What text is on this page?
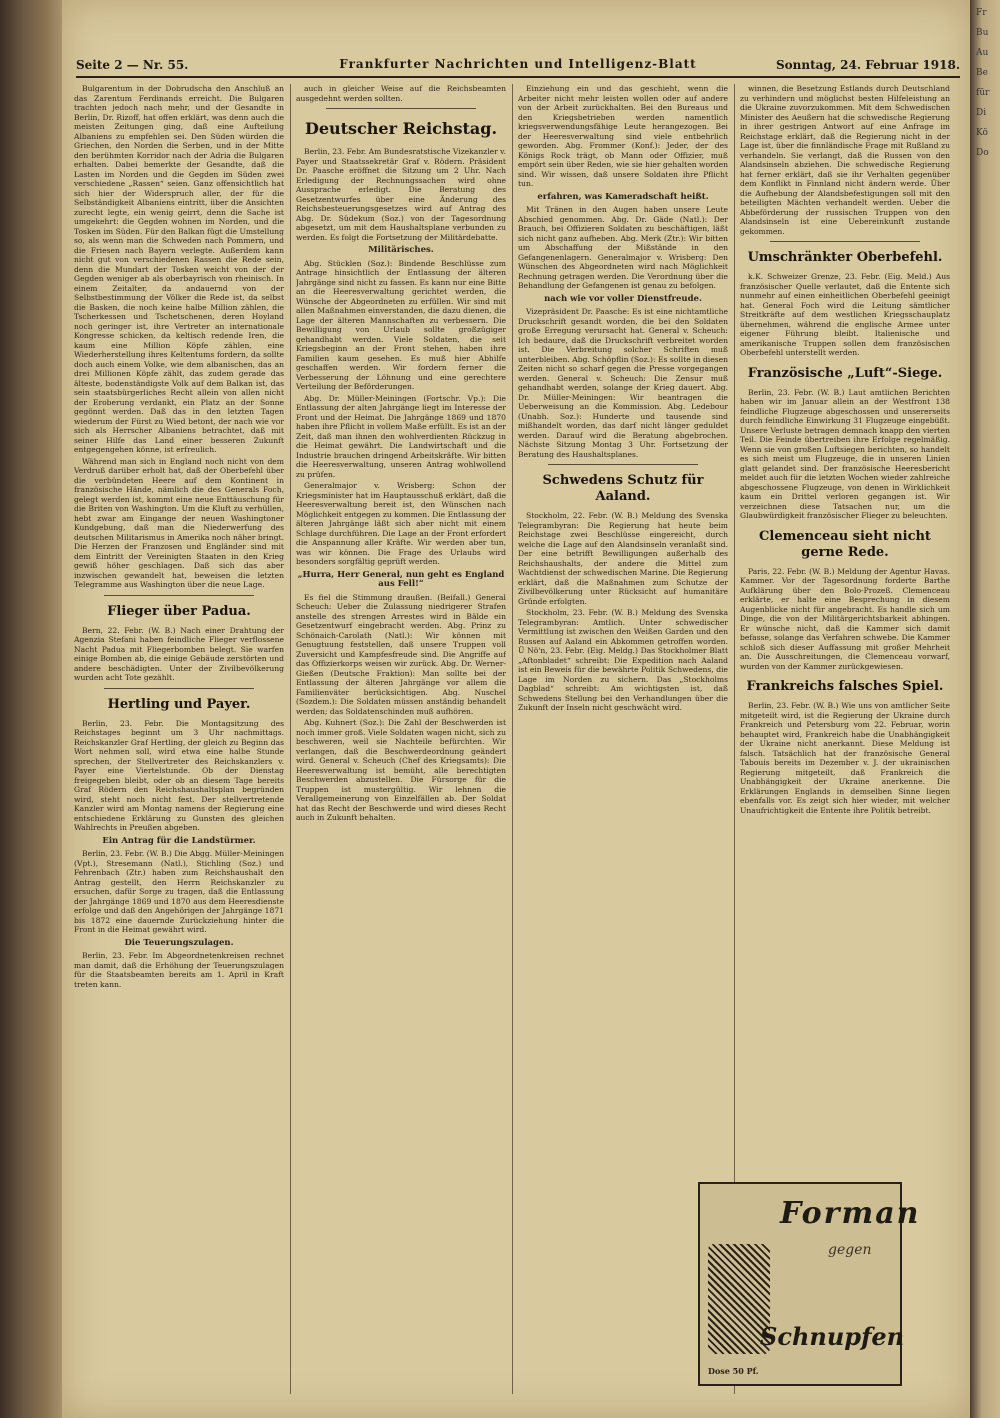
Seite 2 — Nr. 55.	Frankfurter Nachrichten und Intelligenz-Blatt	Sonntag, 24. Februar 1918.

Bulgarentum in der Dobrudscha den Anschluß an das Zarentum Ferdinands erreicht. Die Bulgaren trachten jedoch nach mehr, und der Gesandte in Berlin, Dr. Rizoff, hat offen erklärt, was denn auch die meisten Zeitungen ging, daß eine Aufteilung Albaniens zu empfehlen sei. Den Süden würden die Griechen, den Norden die Serben, und in der Mitte den berühmten Korridor nach der Adria die Bulgaren erhalten. Dabei bemerkte der Gesandte, daß die Lasten im Norden und die Gegden im Süden zwei verschiedene „Rassen“ seien. Ganz offensichtlich hat sich hier der Widerspruch aller, der für die Selbständigkeit Albaniens eintritt, über die Ansichten zurecht legte, ein wenig geirrt, denn die Sache ist umgekehrt: die Gegden wohnen im Norden, und die Tosken im Süden. Für den Balkan fügt die Umstellung so, als wenn man die Schweden nach Pommern, und die Friesen nach Bayern verlegte. Außerdem kann nicht gut von verschiedenen Rassen die Rede sein, denn die Mundart der Tosken weicht von der der Gegden weniger ab als oberbayrisch von rheinisch. In einem Zeitalter, da andauernd von der Selbstbestimmung der Völker die Rede ist, da selbst die Basken, die noch keine halbe Million zählen, die Tscherkessen und Tschetschenen, deren Hoyland noch geringer ist, ihre Vertreter an internationale Kongresse schicken, da keltisch redende Iren, die kaum eine Million Köpfe zählen, eine Wiederherstellung ihres Keltentums fordern, da sollte doch auch einem Volke, wie dem albanischen, das an drei Millionen Köpfe zählt, das zudem gerade das älteste, bodenständigste Volk auf dem Balkan ist, das sein staatsbürgerliches Recht allein von allen nicht der Eroberung verdankt, ein Platz an der Sonne gegönnt werden. Daß das in den letzten Tagen wiederum der Fürst zu Wied betont, der nach wie vor sich als Herrscher Albaniens betrachtet, daß mit seiner Hilfe das Land einer besseren Zukunft entgegengehen könne, ist erfreulich.

Während man sich in England noch nicht von dem Verdruß darüber erholt hat, daß der Oberbefehl über die verbündeten Heere auf dem Kontinent in französische Hände, nämlich die des Generals Foch, gelegt werden ist, kommt eine neue Enttäuschung für die Briten von Washington. Um die Kluft zu verhüllen, hebt zwar am Eingange der neuen Washingtoner Kundgebung, daß man die Niederwerfung des deutschen Militarismus in Amerika noch näher bringt. Die Herzen der Franzosen und Engländer sind mit dem Eintritt der Vereinigten Staaten in den Krieg gewiß höher geschlagen. Daß sich das aber inzwischen gewandelt hat, beweisen die letzten Telegramme aus Washington über die neue Lage.

Flieger über Padua.

Bern, 22. Febr. (W. B.) Nach einer Drahtung der Agenzia Stefani haben feindliche Flieger verflossene Nacht Padua mit Fliegerbomben belegt. Sie warfen einige Bomben ab, die einige Gebäude zerstörten und andere beschädigten. Unter der Zivilbevölkerung wurden acht Tote gezählt.

Hertling und Payer.

Berlin, 23. Febr. Die Montagsitzung des Reichstages beginnt um 3 Uhr nachmittags. Reichskanzler Graf Hertling, der gleich zu Beginn das Wort nehmen soll, wird etwa eine halbe Stunde sprechen, der Stellvertreter des Reichskanzlers v. Payer eine Viertelstunde. Ob der Dienstag freigegeben bleibt, oder ob an diesem Tage bereits Graf Rödern den Reichshaushaltsplan begründen wird, steht noch nicht fest. Der stellvertretende Kanzler wird am Montag namens der Regierung eine entschiedene Erklärung zu Gunsten des gleichen Wahlrechts in Preußen abgeben.

Ein Antrag für die Landstürmer.

Berlin, 23. Febr. (W. B.) Die Abgg. Müller-Meiningen (Vpt.), Stresemann (Natl.), Stichling (Soz.) und Fehrenbach (Ztr.) haben zum Reichshaushalt den Antrag gestellt, den Herrn Reichskanzler zu ersuchen, dafür Sorge zu tragen, daß die Entlassung der Jahrgänge 1869 und 1870 aus dem Heeresdienste erfolge und daß den Angehörigen der Jahrgänge 1871 bis 1872 eine dauernde Zurückziehung hinter die Front in die Heimat gewährt wird.

Die Teuerungszulagen.

Berlin, 23. Febr. Im Abgeordnetenkreisen rechnet man damit, daß die Erhöhung der Teuerungszulagen für die Staatsbeamten bereits am 1. April in Kraft treten kann.

auch in gleicher Weise auf die Reichsbeamten ausgedehnt werden sollten.

Deutscher Reichstag.

Berlin, 23. Febr. Am Bundesratstische Vizekanzler v. Payer und Staatssekretär Graf v. Rödern. Präsident Dr. Paasche eröffnet die Sitzung um 2 Uhr. Nach Erledigung der Rechnungssachen wird ohne Aussprache erledigt. Die Beratung des Gesetzentwurfes über eine Änderung des Reichsbesteuerungsgesetzes wird auf Antrag des Abg. Dr. Südekum (Soz.) von der Tagesordnung abgesetzt, um mit dem Haushaltsplane verbunden zu werden. Es folgt die Fortsetzung der Militärdebatte.

Militärisches.

Abg. Stücklen (Soz.): Bindende Beschlüsse zum Antrage hinsichtlich der Entlassung der älteren Jahrgänge sind nicht zu fassen. Es kann nur eine Bitte an die Heeresverwaltung gerichtet werden, die Wünsche der Abgeordneten zu erfüllen. Wir sind mit allen Maßnahmen einverstanden, die dazu dienen, die Lage der älteren Mannschaften zu verbessern. Die Bewilligung von Urlaub sollte großzügiger gehandhabt werden. Viele Soldaten, die seit Kriegsbeginn an der Front stehen, haben ihre Familien kaum gesehen. Es muß hier Abhilfe geschaffen werden. Wir fordern ferner die Verbesserung der Löhnung und eine gerechtere Verteilung der Beförderungen.

Abg. Dr. Müller-Meiningen (Fortschr. Vp.): Die Entlassung der alten Jahrgänge liegt im Interesse der Front und der Heimat. Die Jahrgänge 1869 und 1870 haben ihre Pflicht in vollem Maße erfüllt. Es ist an der Zeit, daß man ihnen den wohlverdienten Rückzug in die Heimat gewährt. Die Landwirtschaft und die Industrie brauchen dringend Arbeitskräfte. Wir bitten die Heeresverwaltung, unseren Antrag wohlwollend zu prüfen.

Generalmajor v. Wrisberg: Schon der Kriegsminister hat im Hauptausschuß erklärt, daß die Heeresverwaltung bereit ist, den Wünschen nach Möglichkeit entgegen zu kommen. Die Entlassung der älteren Jahrgänge läßt sich aber nicht mit einem Schlage durchführen. Die Lage an der Front erfordert die Anspannung aller Kräfte. Wir werden aber tun, was wir können. Die Frage des Urlaubs wird besonders sorgfältig geprüft werden.

„Hurra, Herr General, nun geht es England aus Fell!“

Es fiel die Stimmung draußen. (Beifall.) General Scheuch: Ueber die Zulassung niedrigerer Strafen anstelle des strengen Arrestes wird in Bälde ein Gesetzentwurf eingebracht werden. Abg. Prinz zu Schönaich-Carolath (Natl.): Wir können mit Genugtuung feststellen, daß unsere Truppen voll Zuversicht und Kampfesfreude sind. Die Angriffe auf das Offizierkorps weisen wir zurück. Abg. Dr. Werner-Gießen (Deutsche Fraktion): Man sollte bei der Entlassung der älteren Jahrgänge vor allem die Familienväter berücksichtigen. Abg. Nuschel (Sozdem.): Die Soldaten müssen anständig behandelt werden; das Soldatenschinden muß aufhören.

Abg. Kuhnert (Soz.): Die Zahl der Beschwerden ist noch immer groß. Viele Soldaten wagen nicht, sich zu beschweren, weil sie Nachteile befürchten. Wir verlangen, daß die Beschwerdeordnung geändert wird. General v. Scheuch (Chef des Kriegsamts): Die Heeresverwaltung ist bemüht, alle berechtigten Beschwerden abzustellen. Die Fürsorge für die Truppen ist mustergültig. Wir lehnen die Verallgemeinerung von Einzelfällen ab. Der Soldat hat das Recht der Beschwerde und wird dieses Recht auch in Zukunft behalten.

Einziehung ein und das geschieht, wenn die Arbeiter nicht mehr leisten wollen oder auf andere von der Arbeit zurückhalten. Bei den Bureaus und den Kriegsbetrieben werden namentlich kriegsverwendungsfähige Leute herangezogen. Bei der Heeresverwaltung sind viele entbehrlich geworden. Abg. Frommer (Konf.): Jeder, der des Königs Rock trägt, ob Mann oder Offizier, muß empört sein über Reden, wie sie hier gehalten worden sind. Wir wissen, daß unsere Soldaten ihre Pflicht tun.

erfahren, was Kameradschaft heißt.

Mit Tränen in den Augen haben unsere Leute Abschied genommen. Abg. Dr. Gäde (Natl.): Der Brauch, bei Offizieren Soldaten zu beschäftigen, läßt sich nicht ganz aufheben. Abg. Merk (Ztr.): Wir bitten um Abschaffung der Mißstände in den Gefangenenlagern. Generalmajor v. Wrisberg: Den Wünschen des Abgeordneten wird nach Möglichkeit Rechnung getragen werden. Die Verordnung über die Behandlung der Gefangenen ist genau zu befolgen.

nach wie vor voller Dienstfreude.

Vizepräsident Dr. Paasche: Es ist eine nichtamtliche Druckschrift gesandt worden, die bei den Soldaten große Erregung verursacht hat. General v. Scheuch: Ich bedaure, daß die Druckschrift verbreitet worden ist. Die Verbreitung solcher Schriften muß unterbleiben. Abg. Schöpflin (Soz.): Es sollte in diesen Zeiten nicht so scharf gegen die Presse vorgegangen werden. General v. Scheuch: Die Zensur muß gehandhabt werden, solange der Krieg dauert. Abg. Dr. Müller-Meiningen: Wir beantragen die Ueberweisung an die Kommission. Abg. Ledebour (Unabh. Soz.): Hunderte und tausende sind mißhandelt worden, das darf nicht länger geduldet werden. Darauf wird die Beratung abgebrochen. Nächste Sitzung Montag 3 Uhr. Fortsetzung der Beratung des Haushaltsplanes.

Schwedens Schutz für Aaland.

Stockholm, 22. Febr. (W. B.) Meldung des Svenska Telegrambyran: Die Regierung hat heute beim Reichstage zwei Beschlüsse eingereicht, durch welche die Lage auf den Alandsinseln veranlaßt sind. Der eine betrifft Bewilligungen außerhalb des Reichshaushalts, der andere die Mittel zum Wachtdienst der schwedischen Marine. Die Regierung erklärt, daß die Maßnahmen zum Schutze der Zivilbevölkerung unter Rücksicht auf humanitäre Gründe erfolgten.

Stockholm, 23. Febr. (W. B.) Meldung des Svenska Telegrambyran: Amtlich. Unter schwedischer Vermittlung ist zwischen den Weißen Garden und den Russen auf Aaland ein Abkommen getroffen worden. Ü Nö'n, 23. Febr. (Eig. Meldg.) Das Stockholmer Blatt „Aftonbladet“ schreibt: Die Expedition nach Aaland ist ein Beweis für die bewährte Politik Schwedens, die Lage im Norden zu sichern. Das „Stockholms Dagblad“ schreibt: Am wichtigsten ist, daß Schwedens Stellung bei den Verhandlungen über die Zukunft der Inseln nicht geschwächt wird.

winnen, die Besetzung Estlands durch Deutschland zu verhindern und möglichst besten Hilfeleistung an die Ukraine zuvorzukommen. Mit dem Schwedischen Minister des Aeußern hat die schwedische Regierung in ihrer gestrigen Antwort auf eine Anfrage im Reichstage erklärt, daß die Regierung nicht in der Lage ist, über die finnländische Frage mit Rußland zu verhandeln. Sie verlangt, daß die Russen von den Alandsinseln abziehen. Die schwedische Regierung hat ferner erklärt, daß sie ihr Verhalten gegenüber dem Konflikt in Finnland nicht ändern werde. Über die Aufhebung der Alandsbefestigungen soll mit den beteiligten Mächten verhandelt werden. Ueber die Abbeförderung der russischen Truppen von den Alandsinseln ist eine Uebereinkunft zustande gekommen.

Umschränkter Oberbefehl.

k.K. Schweizer Grenze, 23. Febr. (Eig. Meld.) Aus französischer Quelle verlautet, daß die Entente sich nunmehr auf einen einheitlichen Oberbefehl geeinigt hat. General Foch wird die Leitung sämtlicher Streitkräfte auf dem westlichen Kriegsschauplatz übernehmen, während die englische Armee unter eigener Führung bleibt. Italienische und amerikanische Truppen sollen dem französischen Oberbefehl unterstellt werden.

Französische „Luft“-Siege.

Berlin, 23. Febr. (W. B.) Laut amtlichen Berichten haben wir im Januar allein an der Westfront 138 feindliche Flugzeuge abgeschossen und unsererseits durch feindliche Einwirkung 31 Flugzeuge eingebüßt. Unsere Verluste betragen demnach knapp den vierten Teil. Die Feinde übertreiben ihre Erfolge regelmäßig. Wenn sie von großen Luftsiegen berichten, so handelt es sich meist um Flugzeuge, die in unseren Linien glatt gelandet sind. Der französische Heeresbericht meldet auch für die letzten Wochen wieder zahlreiche abgeschossene Flugzeuge, von denen in Wirklichkeit kaum ein Drittel verloren gegangen ist. Wir verzeichnen diese Tatsachen nur, um die Glaubwürdigkeit französischer Flieger zu beleuchten.

Clemenceau sieht nicht gerne Rede.

Paris, 22. Febr. (W. B.) Meldung der Agentur Havas. Kammer. Vor der Tagesordnung forderte Barthe Aufklärung über den Bolo-Prozeß. Clemenceau erklärte, er halte eine Besprechung in diesem Augenblicke nicht für angebracht. Es handle sich um Dinge, die von der Militärgerichtsbarkeit abhingen. Er wünsche nicht, daß die Kammer sich damit befasse, solange das Verfahren schwebe. Die Kammer schloß sich dieser Auffassung mit großer Mehrheit an. Die Ausschreitungen, die Clemenceau vorwarf, wurden von der Kammer zurückgewiesen.

Frankreichs falsches Spiel.

Berlin, 23. Febr. (W. B.) Wie uns von amtlicher Seite mitgeteilt wird, ist die Regierung der Ukraine durch Frankreich und Petersburg vom 22. Februar, worin behauptet wird, Frankreich habe die Unabhängigkeit der Ukraine nicht anerkannt. Diese Meldung ist falsch. Tatsächlich hat der französische General Tabouis bereits im Dezember v. J. der ukrainischen Regierung mitgeteilt, daß Frankreich die Unabhängigkeit der Ukraine anerkenne. Die Erklärungen Englands in demselben Sinne liegen ebenfalls vor. Es zeigt sich hier wieder, mit welcher Unaufrichtigkeit die Entente ihre Politik betreibt.

Forman
gegen
Schnupfen
Dose 50 Pf.
Fr
Bu
Au
Be
für
Di
Kö
Do
